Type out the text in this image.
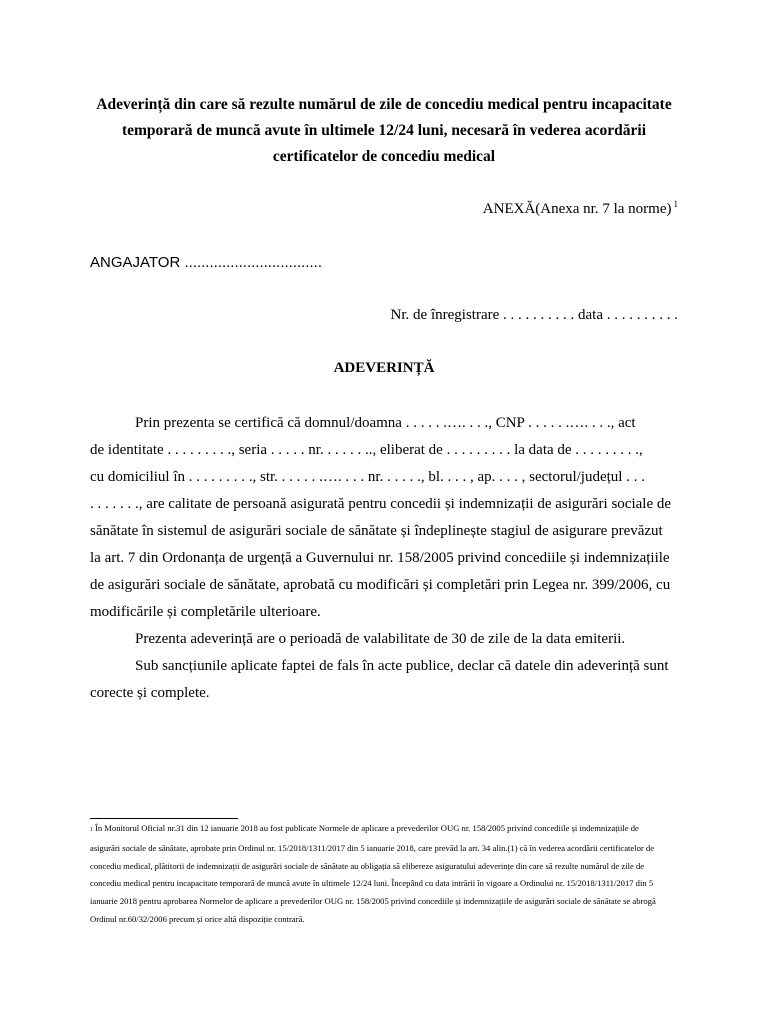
Adeverință din care să rezulte numărul de zile de concediu medical pentru incapacitate
temporară de muncă avute în ultimele 12/24 luni, necesară în vederea acordării
certificatelor de concediu medical
ANEXĂ(Anexa nr. 7 la norme) $^1$
ANGAJATOR .................................
Nr. de înregistrare . . . . . . . . . . data . . . . . . . . . .
ADEVERINȚĂ
Prin prezenta se certifică că domnul/doamna . . . . . .…. . . ., CNP . . . . . .…. . . ., act
de identitate . . . . . . . . ., seria . . . . . nr. . . . . . .., eliberat de . . . . . . . . . la data de . . . . . . . . .,
cu domiciliul în . . . . . . . . ., str. . . . . . .…. . . . nr. . . . . ., bl. . . . , ap. . . . , sectorul/județul . . .
. . . . . . ., are calitate de persoană asigurată pentru concedii și indemnizații de asigurări sociale de
sănătate în sistemul de asigurări sociale de sănătate și îndeplinește stagiul de asigurare prevăzut
la art. 7 din Ordonanța de urgență a Guvernului nr. 158/2005 privind concediile și indemnizațiile
de asigurări sociale de sănătate, aprobată cu modificări și completări prin Legea nr. 399/2006, cu
modificările și completările ulterioare.
Prezenta adeverință are o perioadă de valabilitate de 30 de zile de la data emiterii.
Sub sancțiunile aplicate faptei de fals în acte publice, declar că datele din adeverință sunt
corecte și complete.
1 În Monitorul Oficial nr.31 din 12 ianuarie 2018 au fost publicate Normele de aplicare a prevederilor OUG nr. 158/2005 privind concediile și indemnizațiile de
asigurări sociale de sănătate, aprobate prin Ordinul nr. 15/2018/1311/2017 din 5 ianuarie 2018, care prevăd la art. 34 alin.(1) că în vederea acordării certificatelor de
concediu medical, plătitorii de indemnizații de asigurări sociale de sănătate au obligația să elibereze asiguratului adeverințe din care să rezulte numărul de zile de
concediu medical pentru incapacitate temporară de muncă avute în ultimele 12/24 luni. Începând cu data intrării în vigoare a Ordinului nr. 15/2018/1311/2017 din 5
ianuarie 2018 pentru aprobarea Normelor de aplicare a prevederilor OUG nr. 158/2005 privind concediile și indemnizațiile de asigurări sociale de sănătate se abrogă
Ordinul nr.60/32/2006 precum și orice altă dispoziție contrară.
